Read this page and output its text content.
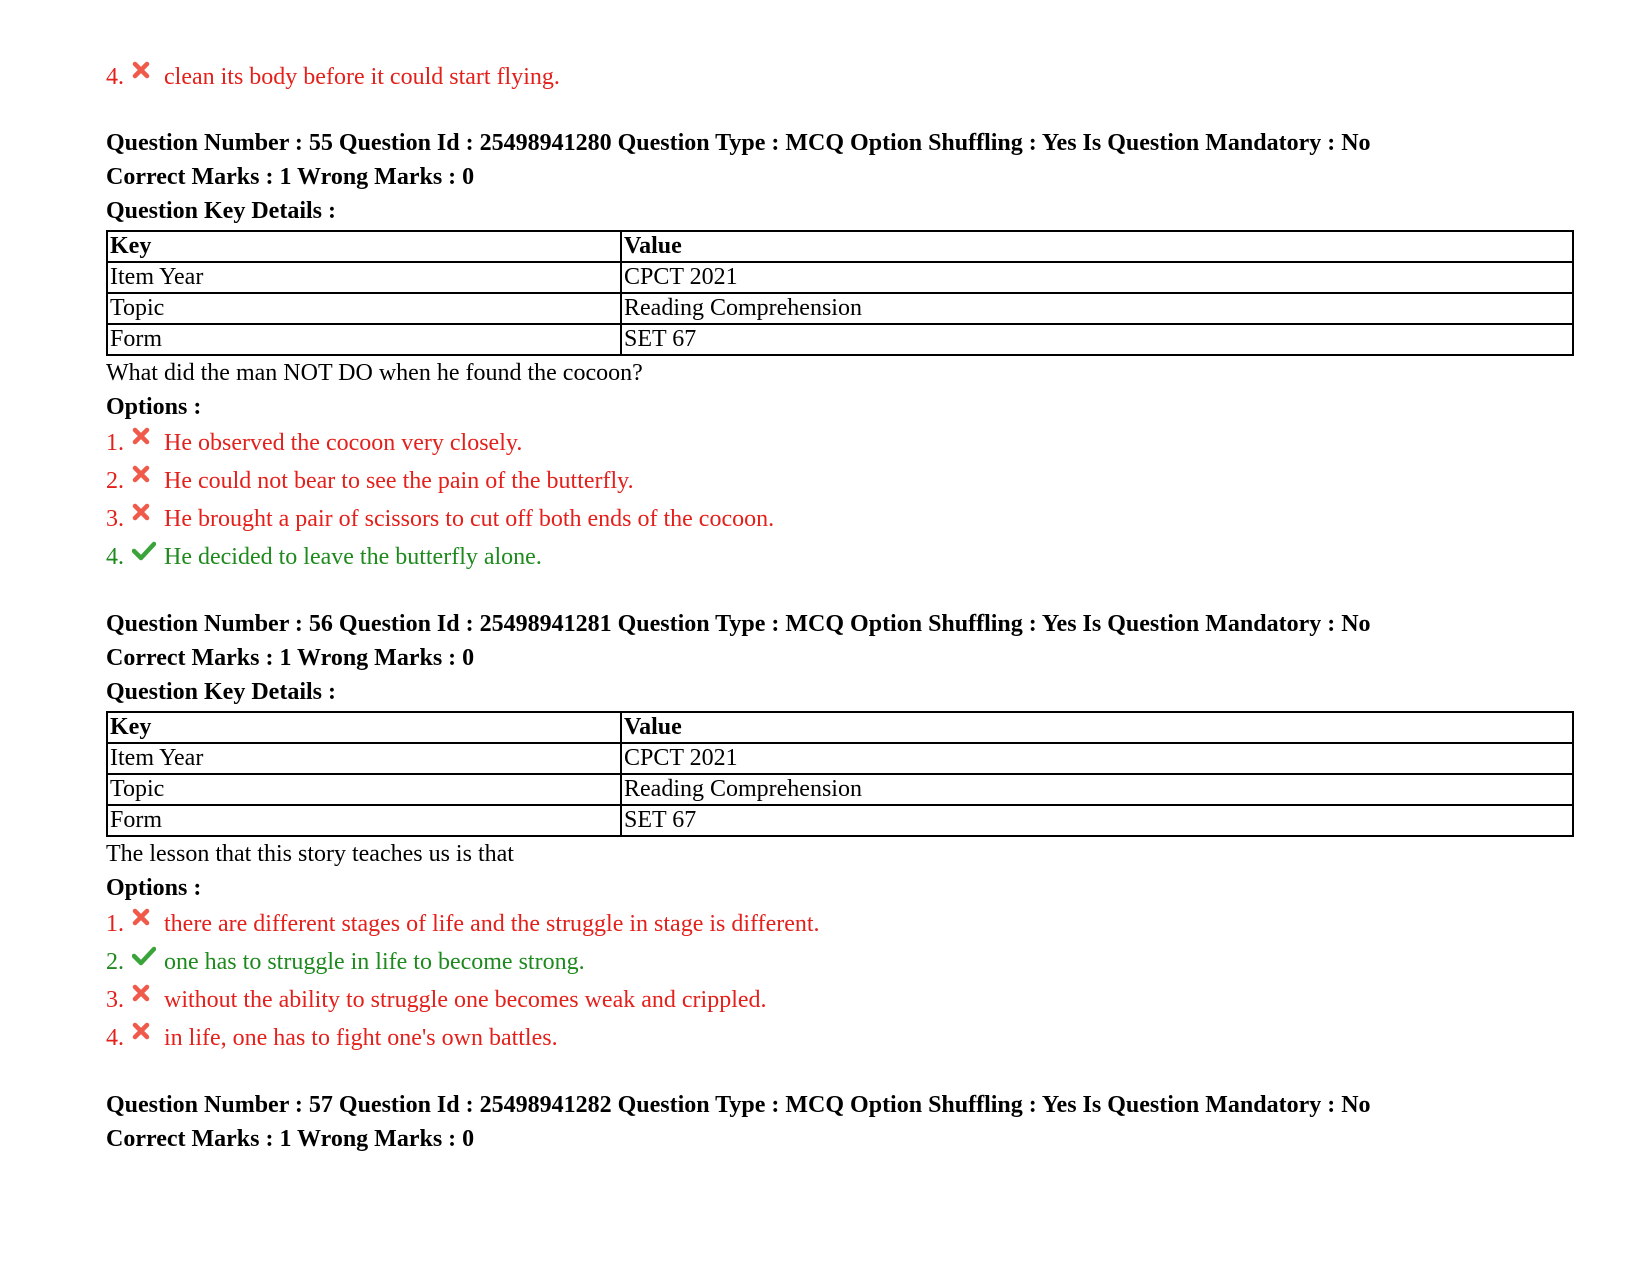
4.	clean its body before it could start flying.
Question Number : 55 Question Id : 25498941280 Question Type : MCQ Option Shuffling : Yes Is Question Mandatory : No
Correct Marks : 1 Wrong Marks : 0
Question Key Details :
Key	Value
Item Year	CPCT 2021
Topic	Reading Comprehension
Form	SET 67
What did the man NOT DO when he found the cocoon?
Options :
1.	He observed the cocoon very closely.
2.	He could not bear to see the pain of the butterfly.
3.	He brought a pair of scissors to cut off both ends of the cocoon.
4.	He decided to leave the butterfly alone.
Question Number : 56 Question Id : 25498941281 Question Type : MCQ Option Shuffling : Yes Is Question Mandatory : No
Correct Marks : 1 Wrong Marks : 0
Question Key Details :
Key	Value
Item Year	CPCT 2021
Topic	Reading Comprehension
Form	SET 67
The lesson that this story teaches us is that
Options :
1.	there are different stages of life and the struggle in stage is different.
2.	one has to struggle in life to become strong.
3.	without the ability to struggle one becomes weak and crippled.
4.	in life, one has to fight one's own battles.
Question Number : 57 Question Id : 25498941282 Question Type : MCQ Option Shuffling : Yes Is Question Mandatory : No
Correct Marks : 1 Wrong Marks : 0
